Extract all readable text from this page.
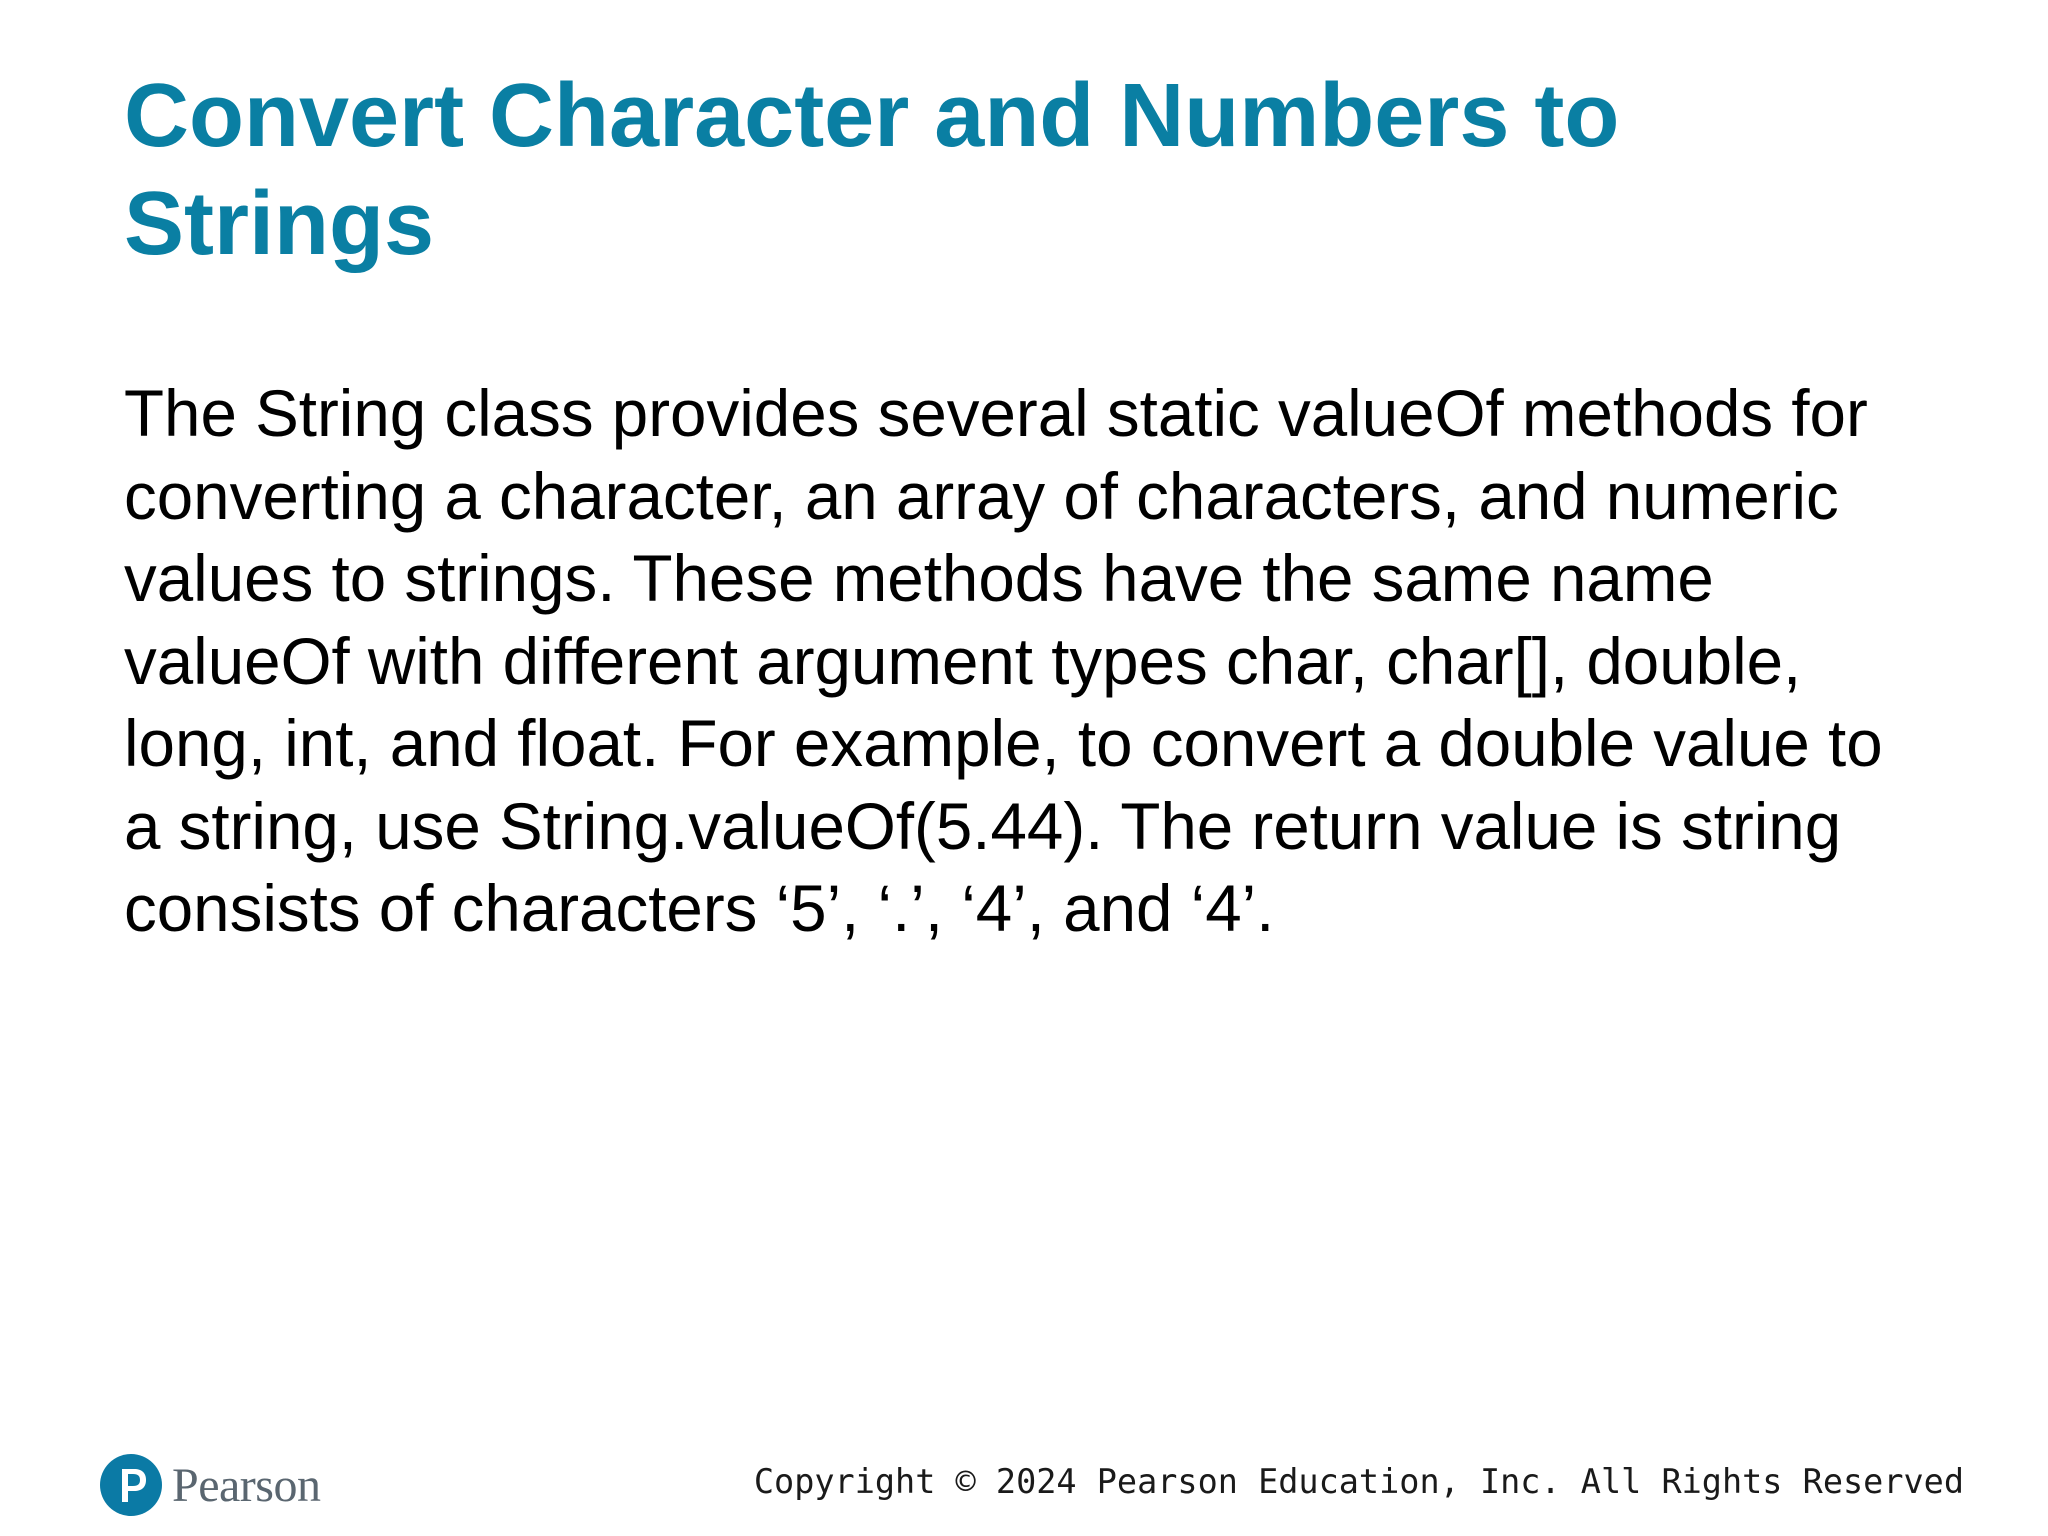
Convert Character and Numbers to Strings

The String class provides several static valueOf methods for converting a character, an array of characters, and numeric values to strings. These methods have the same name valueOf with different argument types char, char[], double, long, int, and float. For example, to convert a double value to a string, use String.valueOf(5.44). The return value is string consists of characters ‘5’, ‘.’, ‘4’, and ‘4’.

Pearson	Copyright © 2024 Pearson Education, Inc. All Rights Reserved
